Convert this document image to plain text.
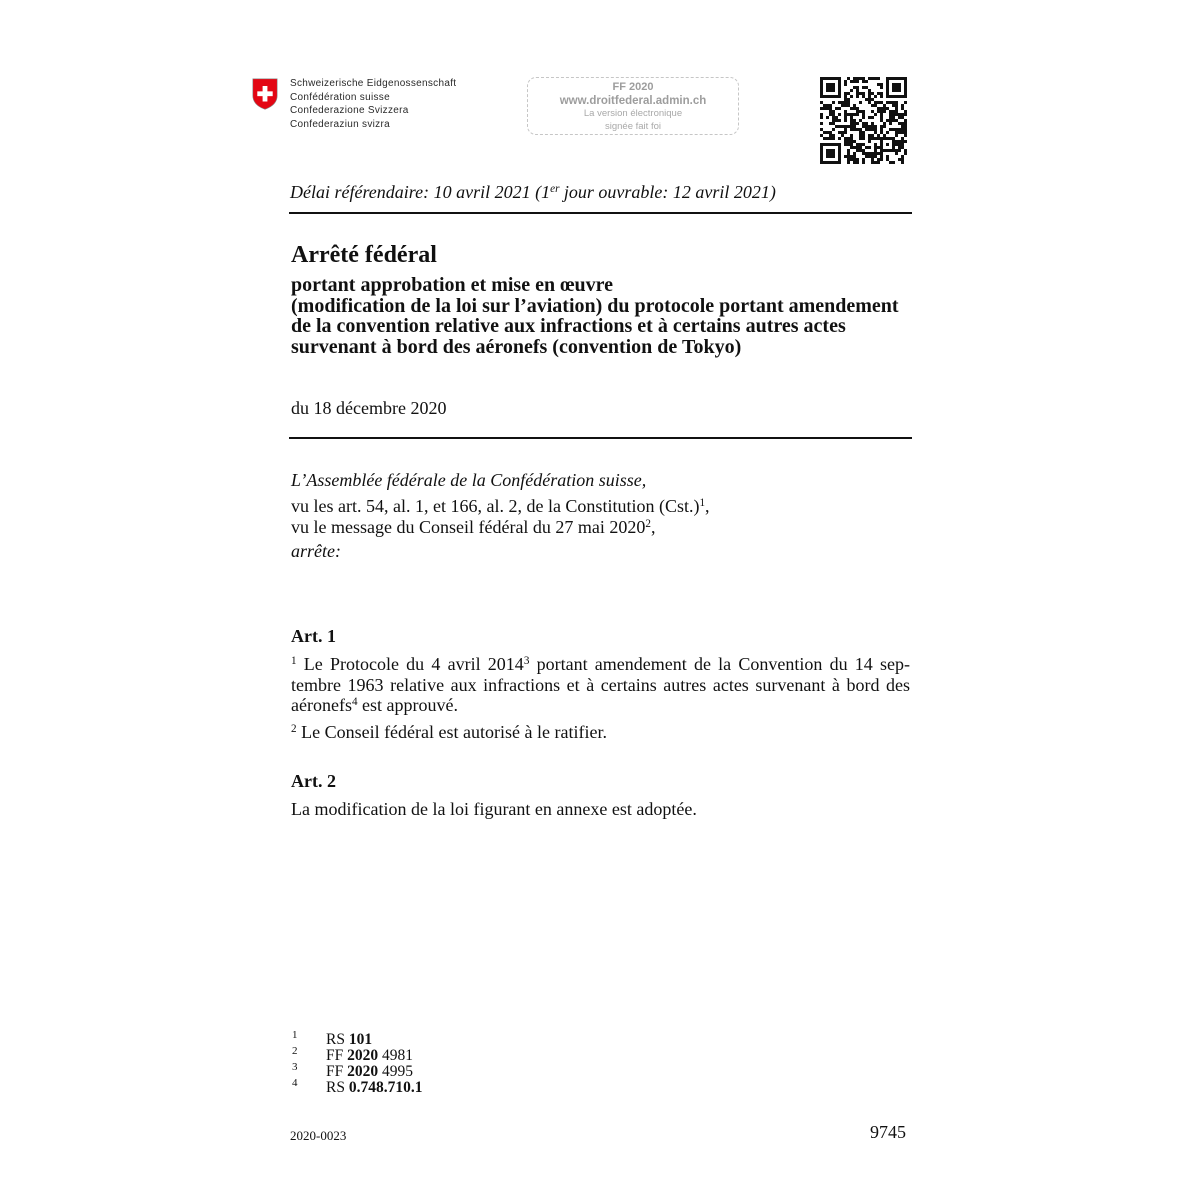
Schweizerische Eidgenossenschaft
Confédération suisse
Confederazione Svizzera
Confederaziun svizra
FF 2020
www.droitfederal.admin.ch
La version électronique
signée fait foi
Délai référendaire: 10 avril 2021 (1er jour ouvrable: 12 avril 2021)
Arrêté fédéral
portant approbation et mise en œuvre
(modification de la loi sur l’aviation) du protocole portant amendement
de la convention relative aux infractions et à certains autres actes
survenant à bord des aéronefs (convention de Tokyo)
du 18 décembre 2020
L’Assemblée fédérale de la Confédération suisse,
vu les art. 54, al. 1, et 166, al. 2, de la Constitution $(Cst.)^1$,
vu le message du Conseil fédéral du 27 mai 2020$^2$,
arrête:
Art. 1
$^1$ Le Protocole du 4 avril 2014$^3$ portant amendement de la Convention du 14 sep-
tembre 1963 relative aux infractions et à certains autres actes survenant à bord des
aéronefs$^4$ est approuvé.
$^2$ Le Conseil fédéral est autorisé à le ratifier.
Art. 2
La modification de la loi figurant en annexe est adoptée.
1 RS 101
2 FF 2020 4981
3 FF 2020 4995
4 RS 0.748.710.1
2020-0023	9745
